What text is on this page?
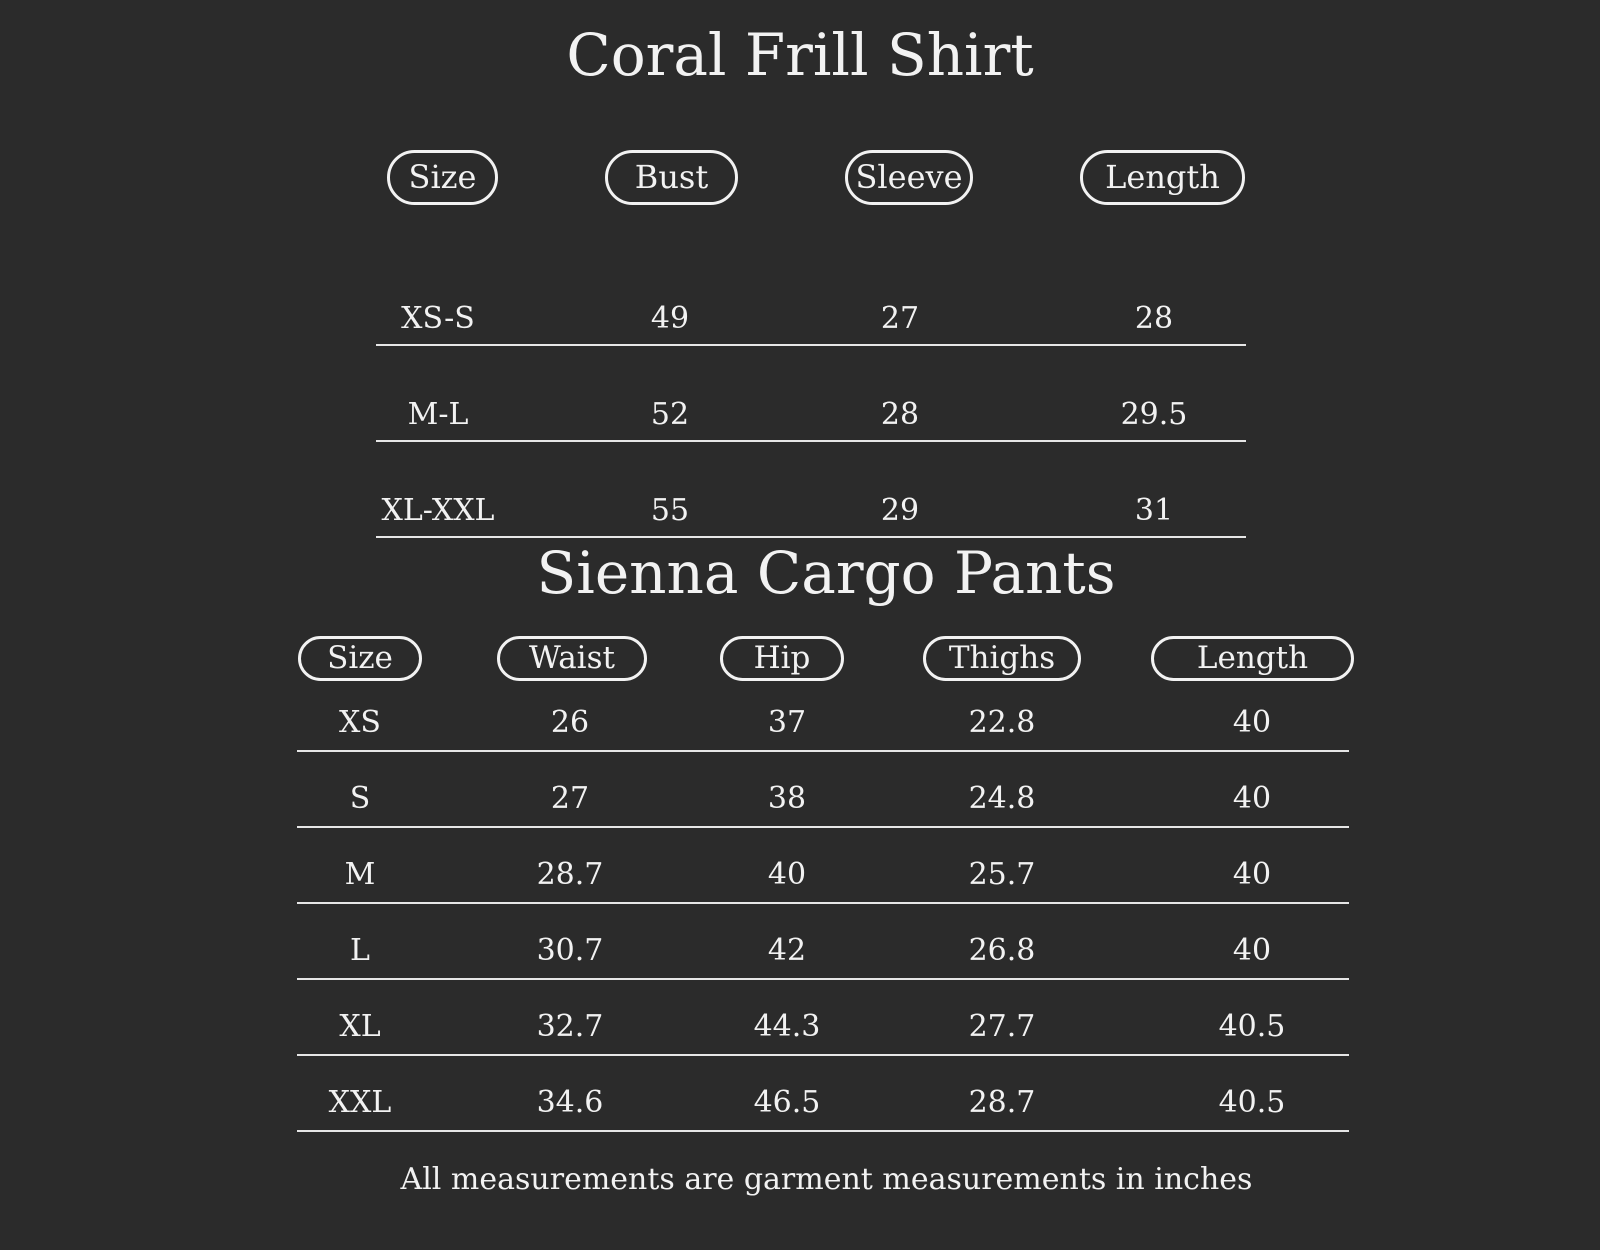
Coral Frill Shirt
Size	Bust	Sleeve	Length
XS-S	49	27	28
M-L	52	28	29.5
XL-XXL	55	29	31
Sienna Cargo Pants
Size	Waist	Hip	Thighs	Length
XS	26	37	22.8	40
S	27	38	24.8	40
M	28.7	40	25.7	40
L	30.7	42	26.8	40
XL	32.7	44.3	27.7	40.5
XXL	34.6	46.5	28.7	40.5
All measurements are garment measurements in inches
